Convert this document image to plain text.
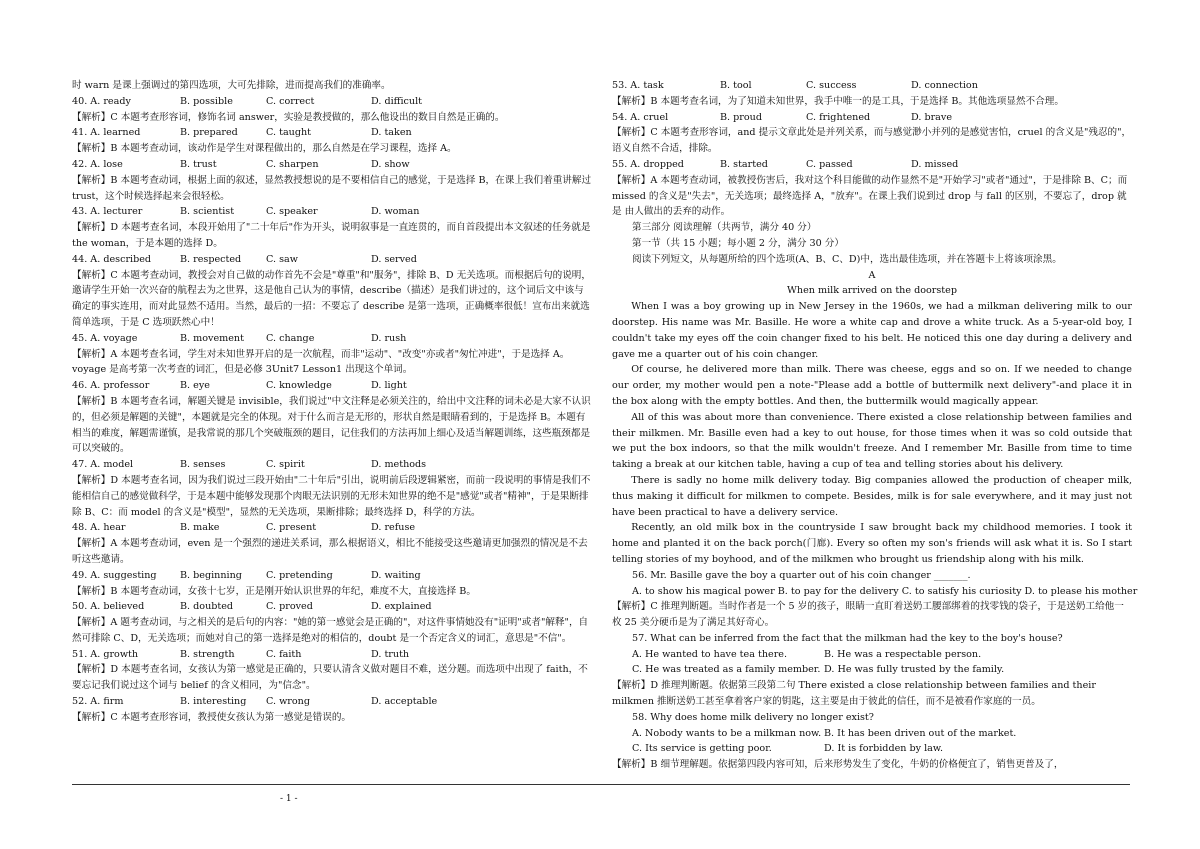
时 warn 是课上强调过的第四选项，大可先排除，进而提高我们的准确率。
40. A. ready	B. possible	C. correct	D. difficult
【解析】C 本题考查形容词，修饰名词 answer，实验是教授做的，那么他设出的数目自然是正确的。
41. A. learned	B. prepared	C. taught	D. taken
【解析】B 本题考查动词，该动作是学生对课程做出的，那么自然是在学习课程，选择 A。
42. A. lose	B. trust	C. sharpen	D. show
【解析】B 本题考查动词，根据上面的叙述，显然教授想说的是不要相信自己的感觉，于是选择 B，在课上我们着重讲解过 trust，这个时候选择起来会很轻松。
43. A. lecturer	B. scientist	C. speaker	D. woman
【解析】D 本题考查名词，本段开始用了"二十年后"作为开头，说明叙事是一直连贯的，而自首段提出本文叙述的任务就是 the woman，于是本题的选择 D。
44. A. described	B. respected	C. saw	D. served
【解析】C 本题考查动词，教授会对自己做的动作首先不会是"尊重"和"服务"，排除 B、D 无关选项。而根据后句的说明，邀请学生开始一次兴奋的航程去为之世界，这是他自己认为的事情，describe（描述）是我们讲过的，这个词后文中该与确定的事实连用，而对此显然不适用。当然，最后的一招：不要忘了 describe 是第一选项，正确概率很低！宣布出来就选简单选项，于是 C 选项跃然心中！
45. A. voyage	B. movement	C. change	D. rush
【解析】A 本题考查名词，学生对未知世界开启的是一次航程，而非"运动"、"改变"亦或者"匆忙冲进"，于是选择 A。voyage 是高考第一次考查的词汇，但是必修 3Unit7 Lesson1 出现这个单词。
46. A. professor	B. eye	C. knowledge	D. light
【解析】B 本题考查名词，解题关键是 invisible，我们说过"中文注释是必须关注的，给出中文注释的词未必是大家不认识的，但必须是解题的关键"，本题就是完全的体现。对于什么而言是无形的，形状自然是眼睛看到的，于是选择 B。本题有相当的难度，解题需谨慎，是我常说的那几个突破瓶颈的题目，记住我们的方法再加上细心及适当解题训练，这些瓶颈都是可以突破的。
47. A. model	B. senses	C. spirit	D. methods
【解析】D 本题考查名词，因为我们说过三段开始由"二十年后"引出，说明前后段逻辑紧密，而前一段说明的事情是我们不能相信自己的感觉做科学，于是本题中能够发现那个肉眼无法识别的无形未知世界的绝不是"感觉"或者"精神"，于是果断排除 B、C：而 model 的含义是"模型"，显然的无关选项，果断排除；最终选择 D，科学的方法。
48. A. hear	B. make	C. present	D. refuse
【解析】A 本题考查动词，even 是一个强烈的递进关系词，那么根据语义，相比不能接受这些邀请更加强烈的情况是不去听这些邀请。
49. A. suggesting	B. beginning	C. pretending	D. waiting
【解析】B 本题考查动词，女孩十七岁，正是刚开始认识世界的年纪，难度不大，直接选择 B。
50. A. believed	B. doubted	C. proved	D. explained
【解析】A 题考查动词，与之相关的是后句的内容："她的第一感觉会是正确的"，对这件事情她没有"证明"或者"解释"，自然可排除 C、D，无关选项；而她对自己的第一选择是绝对的相信的，doubt 是一个否定含义的词汇，意思是"不信"。
51. A. growth	B. strength	C. faith	D. truth
【解析】D 本题考查名词，女孩认为第一感觉是正确的，只要认清含义做对题目不难，送分题。而选项中出现了 faith，不要忘记我们说过这个词与 belief 的含义相同，为"信念"。
52. A. firm	B. interesting	C. wrong	D. acceptable
【解析】C 本题考查形容词，教授使女孩认为第一感觉是错误的。
53. A. task	B. tool	C. success	D. connection
【解析】B 本题考查名词，为了知道未知世界，我手中唯一的是工具，于是选择 B。其他选项显然不合理。
54. A. cruel	B. proud	C. frightened	D. brave
【解析】C 本题考查形容词，and 提示文章此处是并列关系，而与感觉渺小并列的是感觉害怕，cruel 的含义是"残忍的"，语义自然不合适，排除。
55. A. dropped	B. started	C. passed	D. missed
【解析】A 本题考查动词，被教授伤害后，我对这个科目能做的动作显然不是"开始学习"或者"通过"，于是排除 B、C；而 missed 的含义是"失去"，无关选项；最终选择 A，"放弃"。在课上我们说到过 drop 与 fall 的区别，不要忘了，drop 就是 由人做出的丢弃的动作。
第三部分 阅读理解（共两节，满分 40 分）
第一节（共 15 小题；每小题 2 分，满分 30 分）
阅读下列短文，从每题所给的四个选项(A、B、C、D)中，选出最佳选项，并在答题卡上将该项涂黑。
A
When milk arrived on the doorstep
When I was a boy growing up in New Jersey in the 1960s, we had a milkman delivering milk to our doorstep. His name was Mr. Basille. He wore a white cap and drove a white truck. As a 5-year-old boy, I couldn't take my eyes off the coin changer fixed to his belt. He noticed this one day during a delivery and gave me a quarter out of his coin changer.
Of course, he delivered more than milk. There was cheese, eggs and so on. If we needed to change our order, my mother would pen a note-"Please add a bottle of buttermilk next delivery"-and place it in the box along with the empty bottles. And then, the buttermilk would magically appear.
All of this was about more than convenience. There existed a close relationship between families and their milkmen. Mr. Basille even had a key to out house, for those times when it was so cold outside that we put the box indoors, so that the milk wouldn't freeze. And I remember Mr. Basille from time to time taking a break at our kitchen table, having a cup of tea and telling stories about his delivery.
There is sadly no home milk delivery today. Big companies allowed the production of cheaper milk, thus making it difficult for milkmen to compete. Besides, milk is for sale everywhere, and it may just not have been practical to have a delivery service.
Recently, an old milk box in the countryside I saw brought back my childhood memories. I took it home and planted it on the back porch(门廊). Every so often my son's friends will ask what it is. So I start telling stories of my boyhood, and of the milkmen who brought us friendship along with his milk.
56. Mr. Basille gave the boy a quarter out of his coin changer _______.
A. to show his magical power B. to pay for the delivery C. to satisfy his curiosity D. to please his mother
【解析】C 推理判断题。当时作者是一个 5 岁的孩子，眼睛一直盯着送奶工腰部绑着的找零钱的袋子，于是送奶工给他一枚 25 美分硬币是为了满足其好奇心。
57. What can be inferred from the fact that the milkman had the key to the boy's house?
A. He wanted to have tea there.	B. He was a respectable person.
C. He was treated as a family member. D. He was fully trusted by the family.
【解析】D 推理判断题。依据第三段第二句 There existed a close relationship between families and their milkmen 推断送奶工甚至拿着客户家的钥匙，这主要是由于彼此的信任，而不是被看作家庭的一员。
58. Why does home milk delivery no longer exist?
A. Nobody wants to be a milkman now. B. It has been driven out of the market.
C. Its service is getting poor.	D. It is forbidden by law.
【解析】B 细节理解题。依据第四段内容可知，后来形势发生了变化，牛奶的价格便宜了，销售更普及了，
- 1 -
